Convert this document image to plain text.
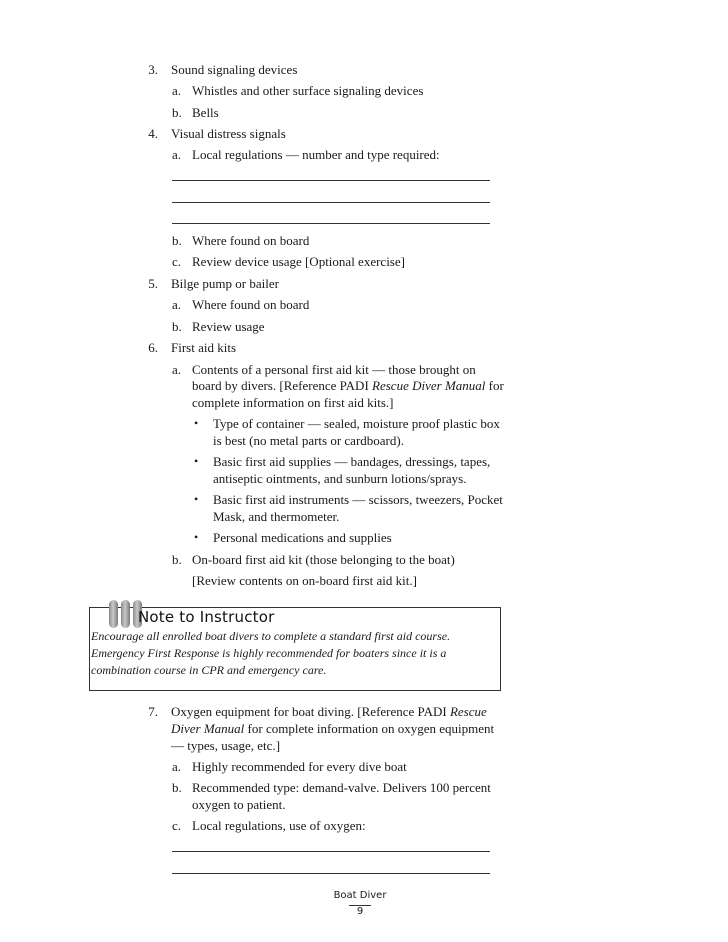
3. Sound signaling devices
a. Whistles and other surface signaling devices
b. Bells
4. Visual distress signals
a. Local regulations — number and type required:
b. Where found on board
c. Review device usage [Optional exercise]
5. Bilge pump or bailer
a. Where found on board
b. Review usage
6. First aid kits
a. Contents of a personal first aid kit — those brought on
board by divers. [Reference PADI Rescue Diver Manual for
complete information on first aid kits.]
• Type of container — sealed, moisture proof plastic box
is best (no metal parts or cardboard).
• Basic first aid supplies — bandages, dressings, tapes,
antiseptic ointments, and sunburn lotions/sprays.
• Basic first aid instruments — scissors, tweezers, Pocket
Mask, and thermometer.
• Personal medications and supplies
b. On-board first aid kit (those belonging to the boat)
[Review contents on on-board first aid kit.]
Note to Instructor
Encourage all enrolled boat divers to complete a standard first aid course.
Emergency First Response is highly recommended for boaters since it is a
combination course in CPR and emergency care.
7. Oxygen equipment for boat diving. [Reference PADI Rescue
Diver Manual for complete information on oxygen equipment
— types, usage, etc.]
a. Highly recommended for every dive boat
b. Recommended type: demand-valve. Delivers 100 percent
oxygen to patient.
c. Local regulations, use of oxygen:
Boat Diver
9
